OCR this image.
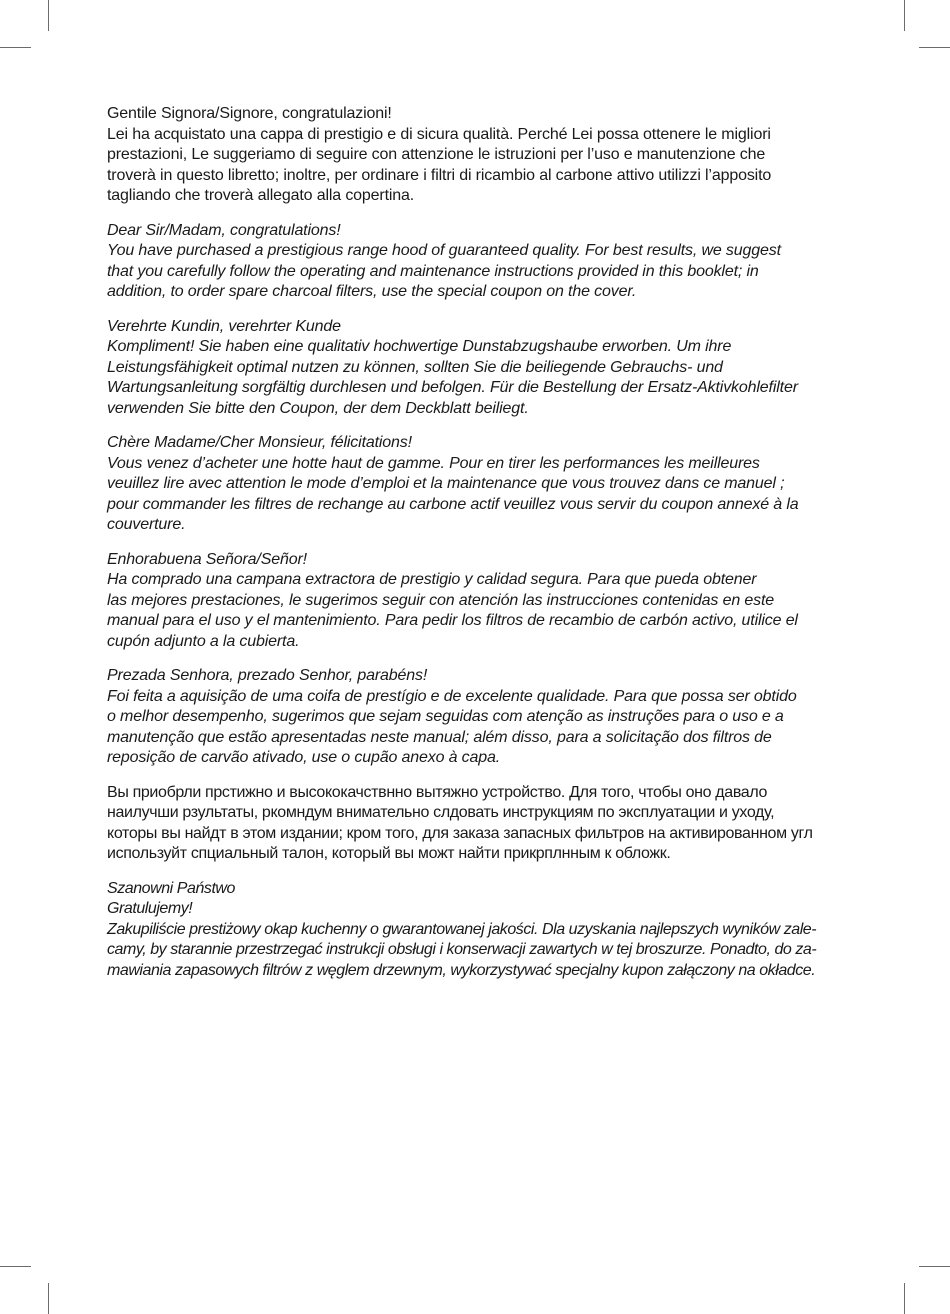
Gentile Signora/Signore, congratulazioni!
Lei ha acquistato una cappa di prestigio e di sicura qualità. Perché Lei possa ottenere le migliori
prestazioni, Le suggeriamo di seguire con attenzione le istruzioni per l’uso e manutenzione che
troverà in questo libretto; inoltre, per ordinare i filtri di ricambio al carbone attivo utilizzi l’apposito
tagliando che troverà allegato alla copertina.

Dear Sir/Madam, congratulations!
You have purchased a prestigious range hood of guaranteed quality. For best results, we suggest
that you carefully follow the operating and maintenance instructions provided in this booklet; in
addition, to order spare charcoal filters, use the special coupon on the cover.

Verehrte Kundin, verehrter Kunde
Kompliment! Sie haben eine qualitativ hochwertige Dunstabzugshaube erworben. Um ihre
Leistungsfähigkeit optimal nutzen zu können, sollten Sie die beiliegende Gebrauchs- und
Wartungsanleitung sorgfältig durchlesen und befolgen. Für die Bestellung der Ersatz-Aktivkohlefilter
verwenden Sie bitte den Coupon, der dem Deckblatt beiliegt.

Chère Madame/Cher Monsieur, félicitations!
Vous venez d’acheter une hotte haut de gamme. Pour en tirer les performances les meilleures
veuillez lire avec attention le mode d’emploi et la maintenance que vous trouvez dans ce manuel ;
pour commander les filtres de rechange au carbone actif veuillez vous servir du coupon annexé à la
couverture.

Enhorabuena Señora/Señor!
Ha comprado una campana extractora de prestigio y calidad segura. Para que pueda obtener
las mejores prestaciones, le sugerimos seguir con atención las instrucciones contenidas en este
manual para el uso y el mantenimiento. Para pedir los filtros de recambio de carbón activo, utilice el
cupón adjunto a la cubierta.

Prezada Senhora, prezado Senhor, parabéns!
Foi feita a aquisição de uma coifa de prestígio e de excelente qualidade. Para que possa ser obtido
o melhor desempenho, sugerimos que sejam seguidas com atenção as instruções para o uso e a
manutenção que estão apresentadas neste manual; além disso, para a solicitação dos filtros de
reposição de carvão ativado, use o cupão anexo à capa.

Вы приобрли прстижно и высококачствнно вытяжно устройство. Для того, чтобы оно давало
наилучши рзультаты, ркомндум внимательно слдовать инструкциям по эксплуатации и уходу,
которы вы найдт в этом издании; кром того, для заказа запасных фильтров на активированном угл
используйт спциальный талон, который вы можт найти прикрплнным к обложк.

Szanowni Państwo
Gratulujemy!
Zakupiliście prestiżowy okap kuchenny o gwarantowanej jakości. Dla uzyskania najlepszych wyników zale-
camy, by starannie przestrzegać instrukcji obsługi i konserwacji zawartych w tej broszurze. Ponadto, do za-
mawiania zapasowych filtrów z węglem drzewnym, wykorzystywać specjalny kupon załączony na okładce.
